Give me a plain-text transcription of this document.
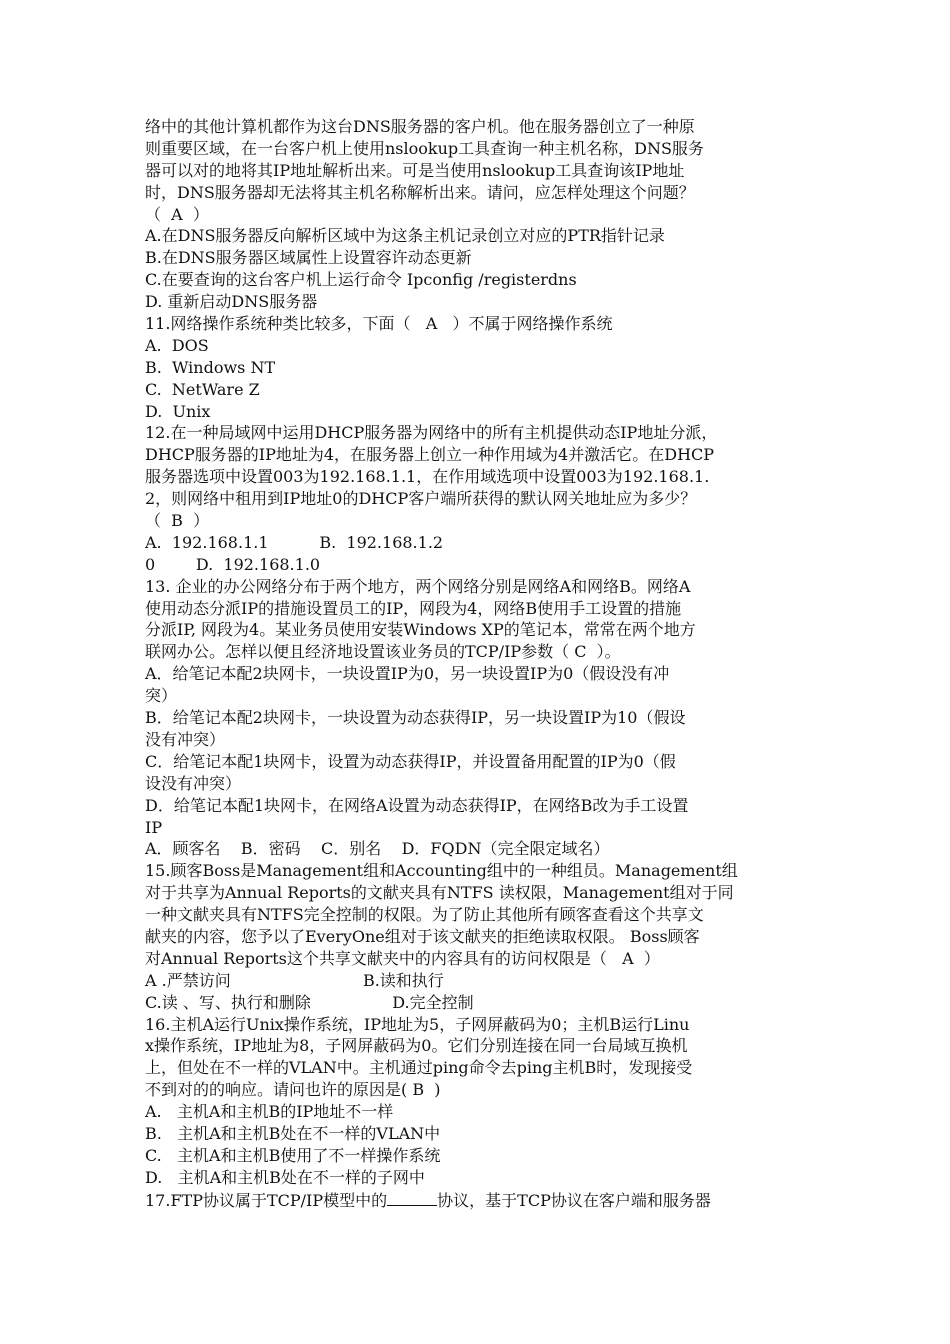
络中的其他计算机都作为这台DNS服务器的客户机。他在服务器创立了一种原
则重要区域，在一台客户机上使用nslookup工具查询一种主机名称，DNS服务
器可以对的地将其IP地址解析出来。可是当使用nslookup工具查询该IP地址
时，DNS服务器却无法将其主机名称解析出来。请问，应怎样处理这个问题？
（  A  ）
A.在DNS服务器反向解析区域中为这条主机记录创立对应的PTR指针记录
B.在DNS服务器区域属性上设置容许动态更新
C.在要查询的这台客户机上运行命令 Ipconfig /registerdns
D. 重新启动DNS服务器
11.网络操作系统种类比较多，下面（   A   ）不属于网络操作系统
A.  DOS
B.  Windows NT
C.  NetWare Z
D.  Unix
12.在一种局域网中运用DHCP服务器为网络中的所有主机提供动态IP地址分派，
DHCP服务器的IP地址为4，在服务器上创立一种作用域为4并激活它。在DHCP
服务器选项中设置003为192.168.1.1，在作用域选项中设置003为192.168.1.
2，则网络中租用到IP地址0的DHCP客户端所获得的默认网关地址应为多少？
（  B  ）
A.  192.168.1.1          B.  192.168.1.2
0        D.  192.168.1.0
13. 企业的办公网络分布于两个地方，两个网络分别是网络A和网络B。网络A
使用动态分派IP的措施设置员工的IP，网段为4，网络B使用手工设置的措施
分派IP, 网段为4。某业务员使用安装Windows XP的笔记本，常常在两个地方
联网办公。怎样以便且经济地设置该业务员的TCP/IP参数（ C  ）。
A．给笔记本配2块网卡，一块设置IP为0，另一块设置IP为0（假设没有冲
突）
B．给笔记本配2块网卡，一块设置为动态获得IP，另一块设置IP为10（假设
没有冲突）
C．给笔记本配1块网卡，设置为动态获得IP，并设置备用配置的IP为0（假
设没有冲突）
D．给笔记本配1块网卡，在网络A设置为动态获得IP，在网络B改为手工设置
IP
A．顾客名    B．密码    C．别名    D．FQDN（完全限定域名）
15.顾客Boss是Management组和Accounting组中的一种组员。Management组
对于共享为Annual Reports的文献夹具有NTFS 读权限，Management组对于同
一种文献夹具有NTFS完全控制的权限。为了防止其他所有顾客查看这个共享文
献夹的内容，您予以了EveryOne组对于该文献夹的拒绝读取权限。 Boss顾客
对Annual Reports这个共享文献夹中的内容具有的访问权限是（   A  ）
A .严禁访问                          B.读和执行
C.读 、写、执行和删除                D.完全控制
16.主机A运行Unix操作系统，IP地址为5，子网屏蔽码为0；主机B运行Linu
x操作系统，IP地址为8，子网屏蔽码为0。它们分别连接在同一台局域互换机
上，但处在不一样的VLAN中。主机通过ping命令去ping主机B时，发现接受
不到对的的响应。请问也许的原因是( B  )
A.   主机A和主机B的IP地址不一样
B.   主机A和主机B处在不一样的VLAN中
C.   主机A和主机B使用了不一样操作系统
D.   主机A和主机B处在不一样的子网中
17.FTP协议属于TCP/IP模型中的	协议，基于TCP协议在客户端和服务器
